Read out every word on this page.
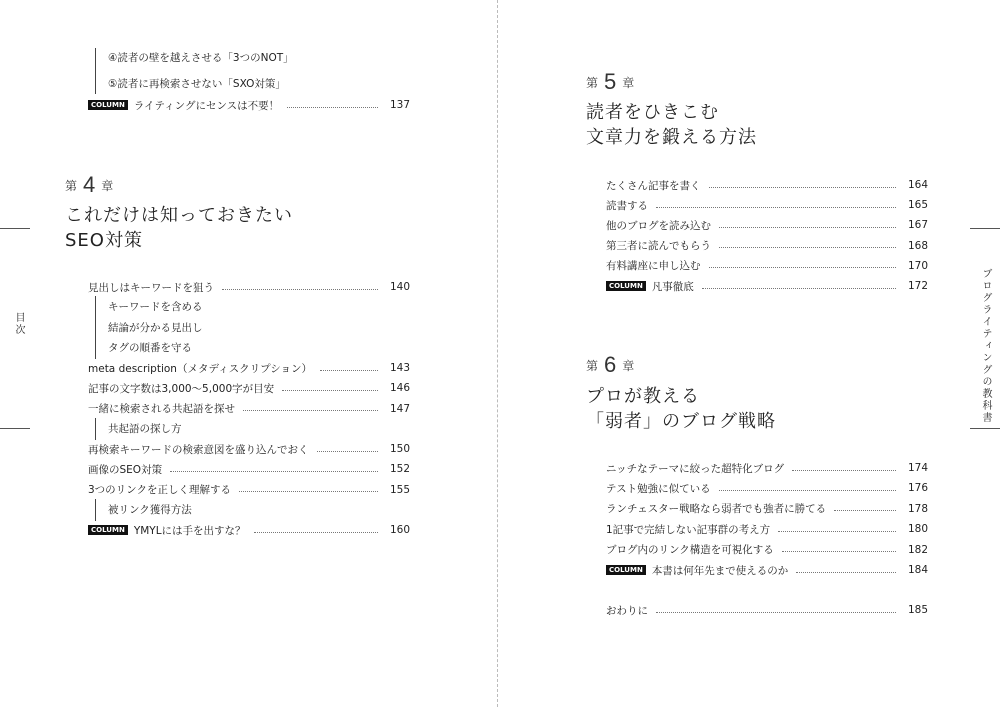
目次	ブログライティングの教科書
④読者の壁を越えさせる「3つのNOT」
⑤読者に再検索させない「SXO対策」
COLUMN ライティングにセンスは不要！	137
第 4 章
これだけは知っておきたい
SEO対策
第 5 章
読者をひきこむ
文章力を鍛える方法
第 6 章
プロが教える
「弱者」のブログ戦略
おわりに	185
見出しはキーワードを狙う	140
キーワードを含める
結論が分かる見出し
タグの順番を守る
meta description（メタディスクリプション）	143
記事の文字数は3,000〜5,000字が目安	146
一緒に検索される共起語を探せ	147
共起語の探し方
再検索キーワードの検索意図を盛り込んでおく	150
画像のSEO対策	152
3つのリンクを正しく理解する	155
被リンク獲得方法
COLUMN YMYLには手を出すな？	160
たくさん記事を書く	164
読書する	165
他のブログを読み込む	167
第三者に読んでもらう	168
有料講座に申し込む	170
COLUMN 凡事徹底	172
ニッチなテーマに絞った超特化ブログ	174
テスト勉強に似ている	176
ランチェスター戦略なら弱者でも強者に勝てる	178
1記事で完結しない記事群の考え方	180
ブログ内のリンク構造を可視化する	182
COLUMN 本書は何年先まで使えるのか	184
